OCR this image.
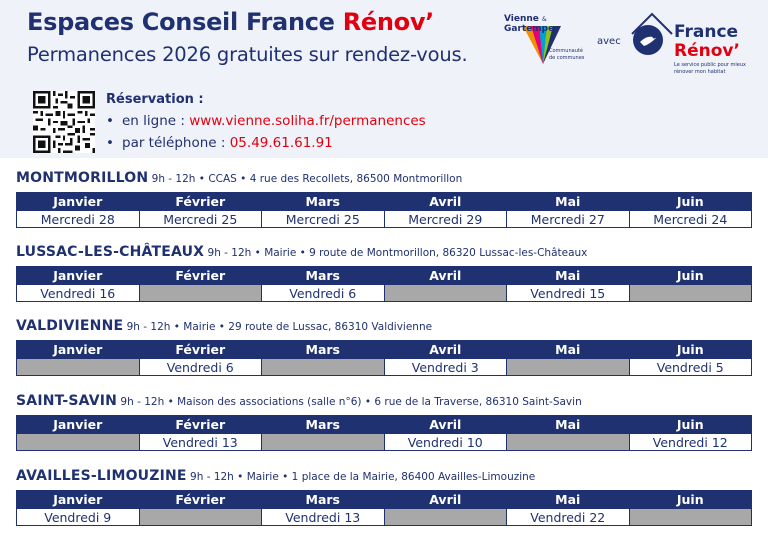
Espaces Conseil France Rénov’
Permanences 2026 gratuites sur rendez-vous.
Réservation :
• en ligne : www.vienne.soliha.fr/permanences
• par téléphone : 05.49.61.61.91
Vienne &
Gartempe
Communauté
de communes
avec	France
Rénov’
Le service public pour mieux
rénover mon habitat
MONTMORILLON 9h - 12h • CCAS • 4 rue des Recollets, 86500 Montmorillon
Janvier	Février	Mars	Avril	Mai	Juin
Mercredi 28	Mercredi 25	Mercredi 25	Mercredi 29	Mercredi 27	Mercredi 24
LUSSAC-LES-CHÂTEAUX 9h - 12h • Mairie • 9 route de Montmorillon, 86320 Lussac-les-Châteaux
Janvier	Février	Mars	Avril	Mai	Juin
Vendredi 16		Vendredi 6		Vendredi 15	
VALDIVIENNE 9h - 12h • Mairie • 29 route de Lussac, 86310 Valdivienne
Janvier	Février	Mars	Avril	Mai	Juin
	Vendredi 6		Vendredi 3		Vendredi 5
SAINT-SAVIN 9h - 12h • Maison des associations (salle n°6) • 6 rue de la Traverse, 86310 Saint-Savin
Janvier	Février	Mars	Avril	Mai	Juin
	Vendredi 13		Vendredi 10		Vendredi 12
AVAILLES-LIMOUZINE 9h - 12h • Mairie • 1 place de la Mairie, 86400 Availles-Limouzine
Janvier	Février	Mars	Avril	Mai	Juin
Vendredi 9		Vendredi 13		Vendredi 22	
